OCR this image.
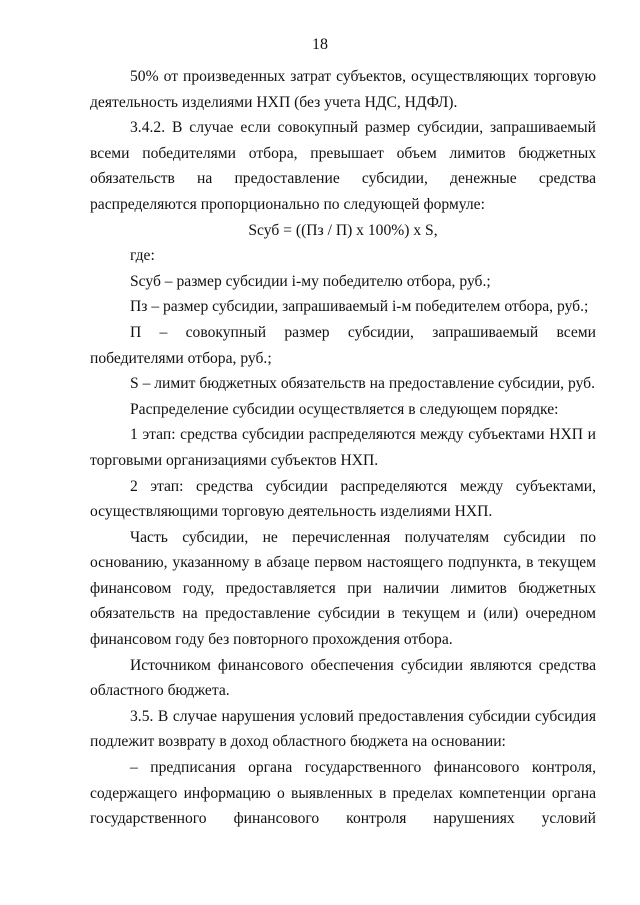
18

50% от произведенных затрат субъектов, осуществляющих торговую деятельность изделиями НХП (без учета НДС, НДФЛ).

3.4.2. В случае если совокупный размер субсидии, запрашиваемый всеми победителями отбора, превышает объем лимитов бюджетных обязательств на предоставление субсидии, денежные средства распределяются пропорционально по следующей формуле:

Sсуб = ((Пз / П) х 100%) х S,

где:

Sсуб – размер субсидии i-му победителю отбора, руб.;

Пз – размер субсидии, запрашиваемый i-м победителем отбора, руб.;

П – совокупный размер субсидии, запрашиваемый всеми победителями отбора, руб.;

S – лимит бюджетных обязательств на предоставление субсидии, руб.

Распределение субсидии осуществляется в следующем порядке:

1 этап: средства субсидии распределяются между субъектами НХП и торговыми организациями субъектов НХП.

2 этап: средства субсидии распределяются между субъектами, осуществляющими торговую деятельность изделиями НХП.

Часть субсидии, не перечисленная получателям субсидии по основанию, указанному в абзаце первом настоящего подпункта, в текущем финансовом году, предоставляется при наличии лимитов бюджетных обязательств на предоставление субсидии в текущем и (или) очередном финансовом году без повторного прохождения отбора.

Источником финансового обеспечения субсидии являются средства областного бюджета.

3.5. В случае нарушения условий предоставления субсидии субсидия подлежит возврату в доход областного бюджета на основании:

– предписания органа государственного финансового контроля, содержащего информацию о выявленных в пределах компетенции органа государственного финансового контроля нарушениях условий
